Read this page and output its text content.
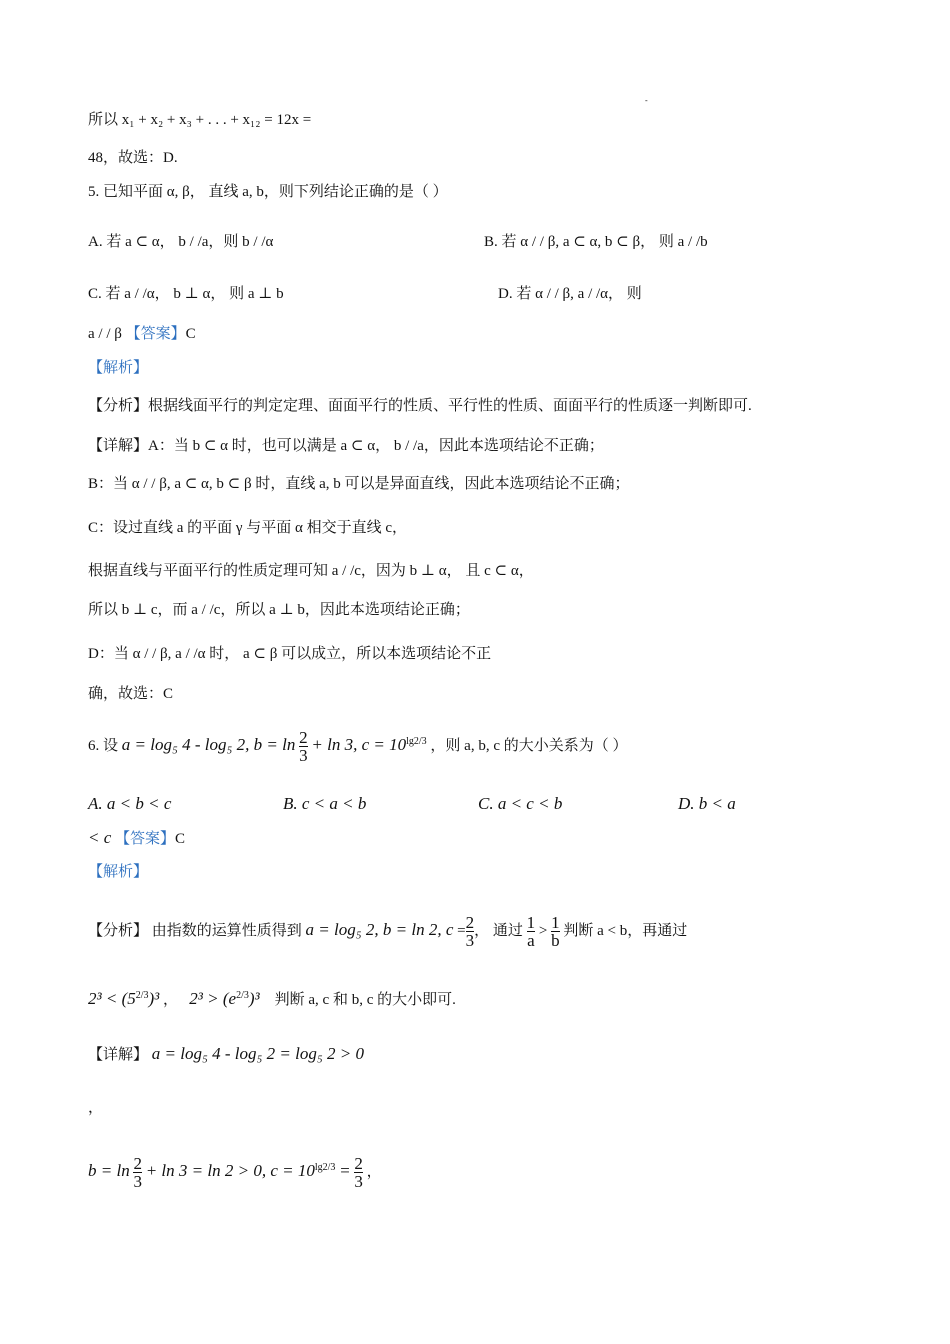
-
所以 x₁ + x₂ + x₃ + . . . + x₁₂ = 12x =
48，故选：D.
5. 已知平面 α, β， 直线 a, b，则下列结论正确的是（ ）
A. 若 a ⊂ α， b / /a，则 b / /α	B. 若 α / / β, a ⊂ α, b ⊂ β， 则 a / /b
C. 若 a / /α， b ⊥ α， 则 a ⊥ b	D. 若 α / / β, a / /α， 则
a / / β 【答案】C
【解析】
【分析】根据线面平行的判定定理、面面平行的性质、平行性的性质、面面平行的性质逐一判断即可.
【详解】A：当 b ⊂ α 时，也可以满是 a ⊂ α， b / /a，因此本选项结论不正确；
B：当 α / / β, a ⊂ α, b ⊂ β 时，直线 a, b 可以是异面直线，因此本选项结论不正确；
C：设过直线 a 的平面 γ 与平面 α 相交于直线 c，
根据直线与平面平行的性质定理可知 a / /c，因为 b ⊥ α， 且 c ⊂ α，
所以 b ⊥ c，而 a / /c，所以 a ⊥ b，因此本选项结论正确；
D：当 α / / β, a / /α 时， a ⊂ β 可以成立，所以本选项结论不正
确，故选：C
6. 设 a = log₅ 4 - log₅ 2, $b = \ln \frac{2}{3} + \ln 3$, $c = 10^{lg2/3}$ ，则 a, b, c 的大小关系为（ ）
A. a < b < c	B. c < a < b	C. a < c < b	D. b < a
< c 【答案】C
【解析】
【分析】 由指数的运算性质得到 a = log₅ 2, b = ln 2, $c = \frac{2}{3}$ ， 通过 $\frac{1}{a} > \frac{1}{b}$ 判断 a < b，再通过
$2^3 < (5^{2/3})^3$ ，   $2^3 > (e^{2/3})^3$ 判断 a, c 和 b, c 的大小即可.
【详解】 a = log₅ 4 - log₅ 2 = log₅ 2 > 0
，
$b = \ln \frac{2}{3} + \ln 3 = \ln 2 > 0$, $c = 10^{lg2/3} = \frac{2}{3}$ ，
